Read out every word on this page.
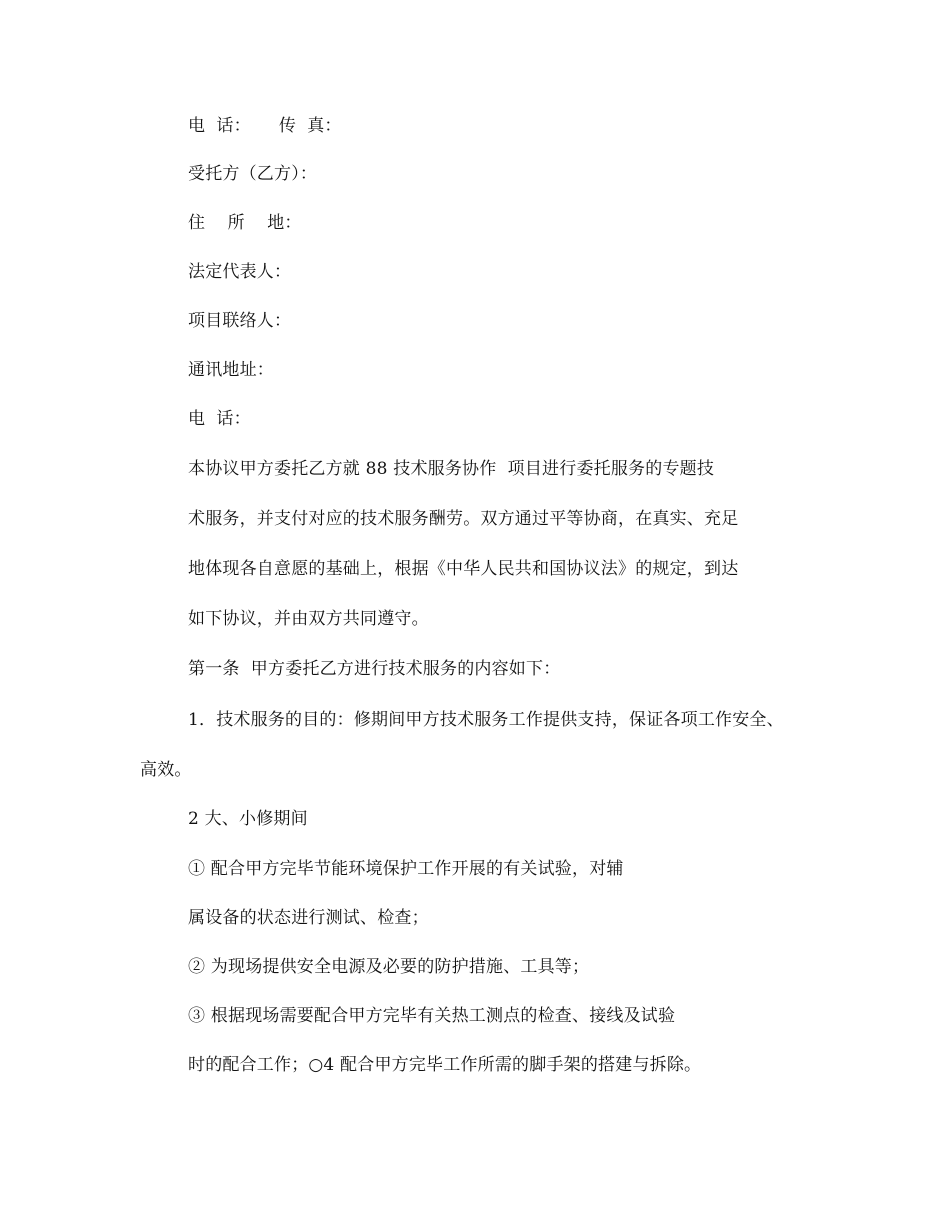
电  话：     传  真：
受托方（乙方）：
住    所    地：
法定代表人：
项目联络人：
通讯地址：
电  话：
本协议甲方委托乙方就 88 技术服务协作  项目进行委托服务的专题技
术服务，并支付对应的技术服务酬劳。双方通过平等协商，在真实、充足
地体现各自意愿的基础上，根据《中华人民共和国协议法》的规定，到达
如下协议，并由双方共同遵守。
第一条  甲方委托乙方进行技术服务的内容如下：
1．技术服务的目的：修期间甲方技术服务工作提供支持，保证各项工作安全、
高效。
2 大、小修期间
① 配合甲方完毕节能环境保护工作开展的有关试验，对辅
属设备的状态进行测试、检查；
② 为现场提供安全电源及必要的防护措施、工具等；
③ 根据现场需要配合甲方完毕有关热工测点的检查、接线及试验
时的配合工作；○4 配合甲方完毕工作所需的脚手架的搭建与拆除。
